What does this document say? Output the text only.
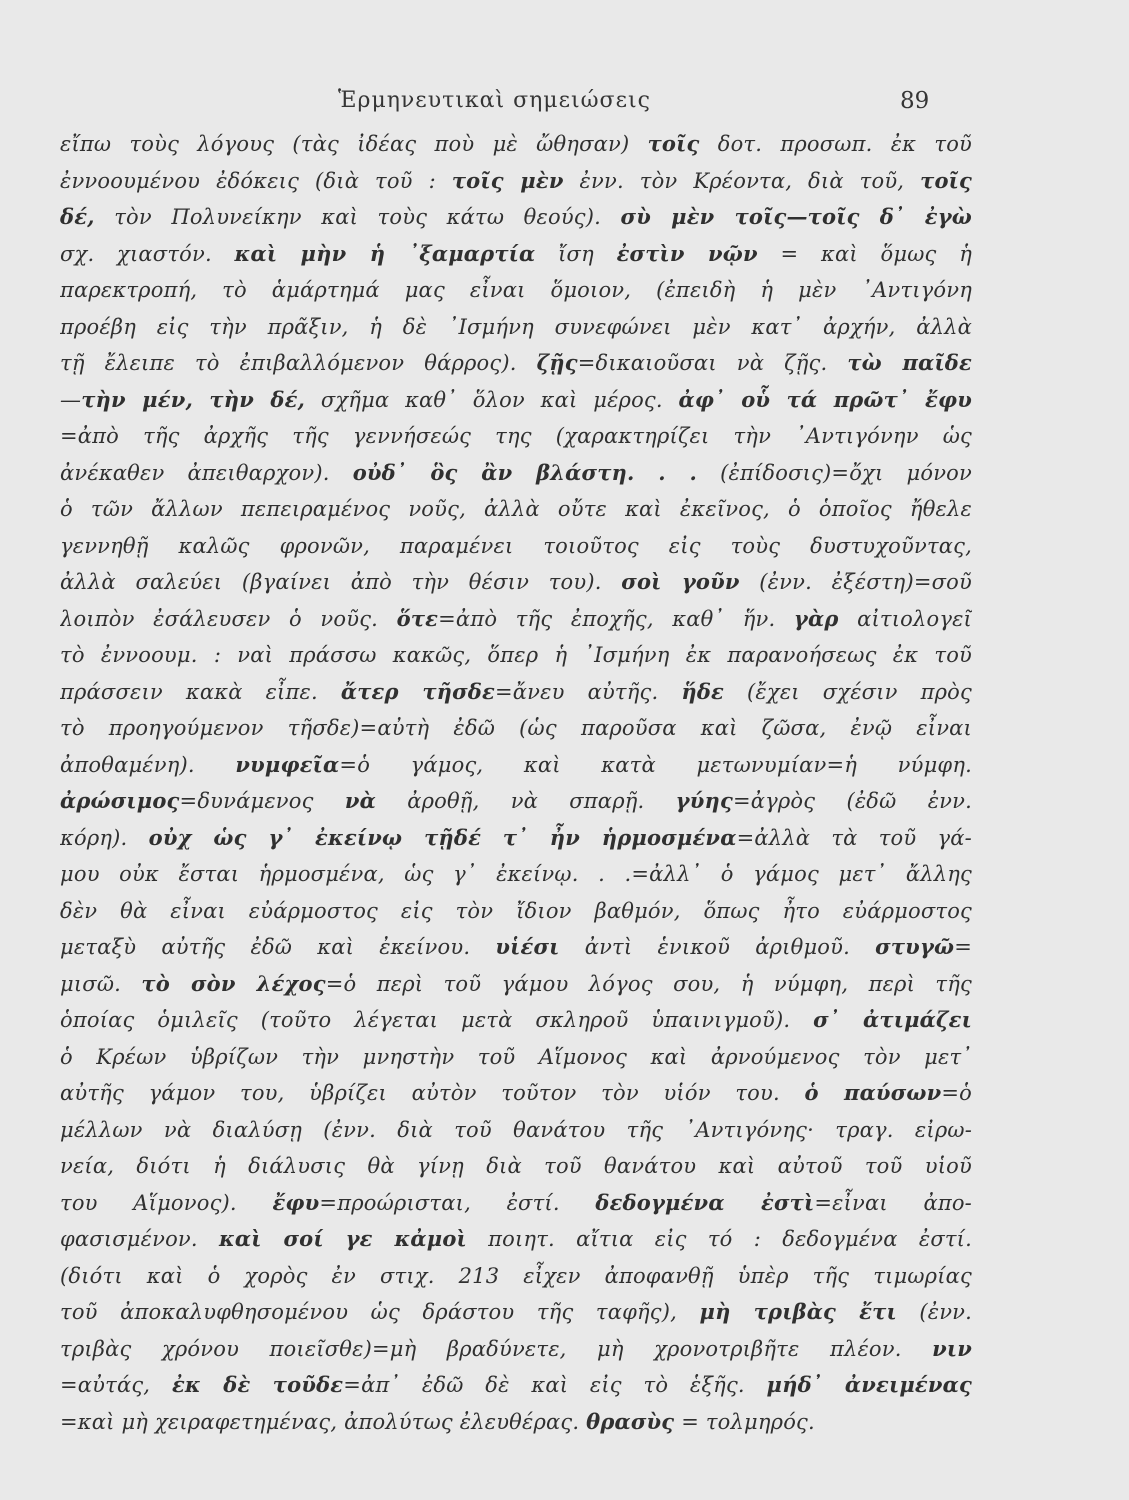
Ἑρμηνευτικαὶ σημειώσεις	89
εἴπω τοὺς λόγους (τὰς ἰδέας ποὺ μὲ ὤθησαν) τοῖς δοτ. προσωπ. ἐκ τοῦ
ἐννοουμένου ἐδόκεις (διὰ τοῦ : τοῖς μὲν ἐνν. τὸν Κρέοντα, διὰ τοῦ, τοῖς
δέ, τὸν Πολυνείκην καὶ τοὺς κάτω θεούς). σὺ μὲν τοῖς—τοῖς δ᾽ ἐγὼ
σχ. χιαστόν. καὶ μὴν ἡ ᾽ξαμαρτία ἴση ἐστὶν νῷν = καὶ ὅμως ἡ
παρεκτροπή, τὸ ἁμάρτημά μας εἶναι ὅμοιον, (ἐπειδὴ ἡ μὲν ᾽Αντιγόνη
προέβη εἰς τὴν πρᾶξιν, ἡ δὲ ᾽Ισμήνη συνεφώνει μὲν κατ᾽ ἀρχήν, ἀλλὰ
τῇ ἔλειπε τὸ ἐπιβαλλόμενον θάρρος). ζῇς=δικαιοῦσαι νὰ ζῇς. τὼ παῖδε
—τὴν μέν, τὴν δέ, σχῆμα καθ᾽ ὅλον καὶ μέρος. ἀφ᾽ οὗ τά πρῶτ᾽ ἔφυ
=ἀπὸ τῆς ἀρχῆς τῆς γεννήσεώς της (χαρακτηρίζει τὴν ᾽Αντιγόνην ὡς
ἀνέκαθεν ἀπειθαρχον). οὐδ᾽ ὃς ἂν βλάστη. . . (ἐπίδοσις)=ὄχι μόνον
ὁ τῶν ἄλλων πεπειραμένος νοῦς, ἀλλὰ οὔτε καὶ ἐκεῖνος, ὁ ὁποῖος ἤθελε
γεννηθῇ καλῶς φρονῶν, παραμένει τοιοῦτος εἰς τοὺς δυστυχοῦντας,
ἀλλὰ σαλεύει (βγαίνει ἀπὸ τὴν θέσιν του). σοὶ γοῦν (ἐνν. ἐξέστη)=σοῦ
λοιπὸν ἐσάλευσεν ὁ νοῦς. ὅτε=ἀπὸ τῆς ἐποχῆς, καθ᾽ ἥν. γὰρ αἰτιολογεῖ
τὸ ἐννοουμ. : ναὶ πράσσω κακῶς, ὅπερ ἡ ᾽Ισμήνη ἐκ παρανοήσεως ἐκ τοῦ
πράσσειν κακὰ εἶπε. ἄτερ τῆσδε=ἄνευ αὐτῆς. ἥδε (ἔχει σχέσιν πρὸς
τὸ προηγούμενον τῆσδε)=αὐτὴ ἐδῶ (ὡς παροῦσα καὶ ζῶσα, ἐνῷ εἶναι
ἀποθαμένη). νυμφεῖα=ὁ γάμος, καὶ κατὰ μετωνυμίαν=ἡ νύμφη.
ἀρώσιμος=δυνάμενος νὰ ἀροθῇ, νὰ σπαρῇ. γύης=ἀγρὸς (ἐδῶ ἐνν.
κόρη). οὐχ ὡς γ᾽ ἐκείνῳ τῇδέ τ᾽ ἦν ἡρμοσμένα=ἀλλὰ τὰ τοῦ γά-
μου οὐκ ἔσται ἡρμοσμένα, ὡς γ᾽ ἐκείνῳ. . .=ἀλλ᾽ ὁ γάμος μετ᾽ ἄλλης
δὲν θὰ εἶναι εὐάρμοστος εἰς τὸν ἴδιον βαθμόν, ὅπως ἦτο εὐάρμοστος
μεταξὺ αὐτῆς ἐδῶ καὶ ἐκείνου. υἱέσι ἀντὶ ἑνικοῦ ἀριθμοῦ. στυγῶ=
μισῶ. τὸ σὸν λέχος=ὁ περὶ τοῦ γάμου λόγος σου, ἡ νύμφη, περὶ τῆς
ὁποίας ὁμιλεῖς (τοῦτο λέγεται μετὰ σκληροῦ ὑπαινιγμοῦ). σ᾽ ἀτιμάζει
ὁ Κρέων ὑβρίζων τὴν μνηστὴν τοῦ Αἵμονος καὶ ἀρνούμενος τὸν μετ᾽
αὐτῆς γάμον του, ὑβρίζει αὐτὸν τοῦτον τὸν υἱόν του. ὁ παύσων=ὁ
μέλλων νὰ διαλύσῃ (ἐνν. διὰ τοῦ θανάτου τῆς ᾽Αντιγόνης· τραγ. εἰρω-
νεία, διότι ἡ διάλυσις θὰ γίνῃ διὰ τοῦ θανάτου καὶ αὐτοῦ τοῦ υἱοῦ
του Αἵμονος). ἔφυ=προώρισται, ἐστί. δεδογμένα ἐστὶ=εἶναι ἀπο-
φασισμένον. καὶ σοί γε κἀμοὶ ποιητ. αἴτια εἰς τό : δεδογμένα ἐστί.
(διότι καὶ ὁ χορὸς ἐν στιχ. 213 εἶχεν ἀποφανθῇ ὑπὲρ τῆς τιμωρίας
τοῦ ἀποκαλυφθησομένου ὡς δράστου τῆς ταφῆς), μὴ τριβὰς ἔτι (ἐνν.
τριβὰς χρόνου ποιεῖσθε)=μὴ βραδύνετε, μὴ χρονοτριβῆτε πλέον. νιν
=αὐτάς, ἐκ δὲ τοῦδε=ἀπ᾽ ἐδῶ δὲ καὶ εἰς τὸ ἑξῆς. μήδ᾽ ἀνειμένας
=καὶ μὴ χειραφετημένας, ἀπολύτως ἐλευθέρας. θρασὺς = τολμηρός.
